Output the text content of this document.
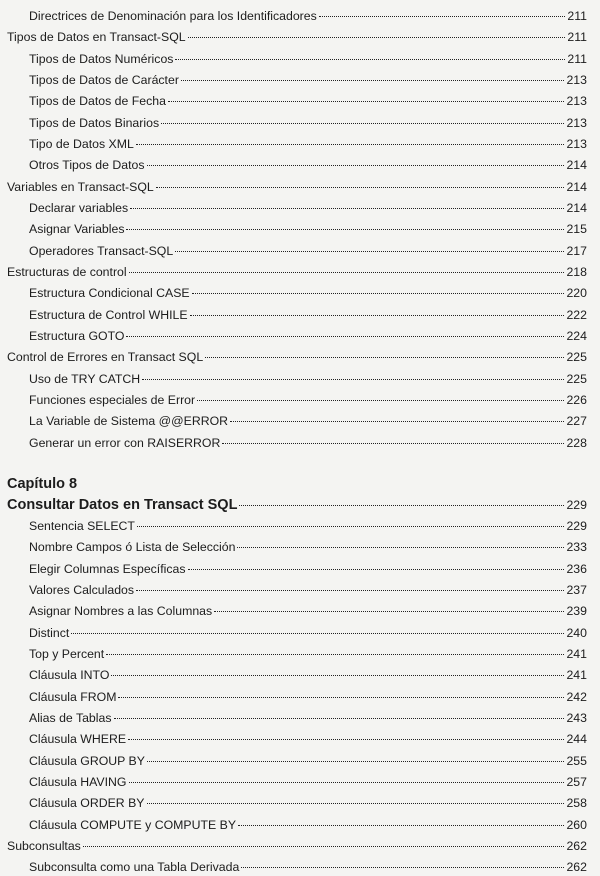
Directrices de Denominación para los Identificadores	211
Tipos de Datos en Transact-SQL	211
Tipos de Datos Numéricos	211
Tipos de Datos de Carácter	213
Tipos de Datos de Fecha	213
Tipos de Datos Binarios	213
Tipo de Datos XML	213
Otros Tipos de Datos	214
Variables en Transact-SQL	214
Declarar variables	214
Asignar Variables	215
Operadores Transact-SQL	217
Estructuras de control	218
Estructura Condicional CASE	220
Estructura de Control WHILE	222
Estructura GOTO	224
Control de Errores en Transact SQL	225
Uso de TRY CATCH	225
Funciones especiales de Error	226
La Variable de Sistema @@ERROR	227
Generar un error con RAISERROR	228
Capítulo 8
Consultar Datos en Transact SQL	229
Sentencia SELECT	229
Nombre Campos ó Lista de Selección	233
Elegir Columnas Específicas	236
Valores Calculados	237
Asignar Nombres a las Columnas	239
Distinct	240
Top y Percent	241
Cláusula INTO	241
Cláusula FROM	242
Alias de Tablas	243
Cláusula WHERE	244
Cláusula GROUP BY	255
Cláusula HAVING	257
Cláusula ORDER BY	258
Cláusula COMPUTE y COMPUTE BY	260
Subconsultas	262
Subconsulta como una Tabla Derivada	262
